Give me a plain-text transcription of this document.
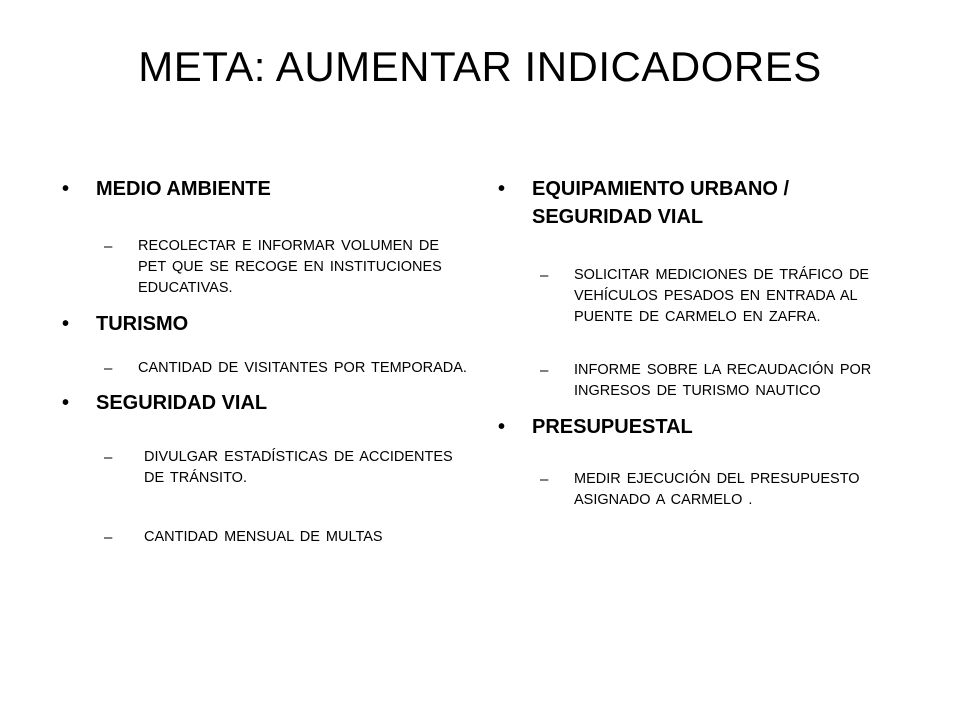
META: AUMENTAR INDICADORES
• MEDIO AMBIENTE
– RECOLECTAR E INFORMAR VOLUMEN DE PET QUE SE RECOGE EN INSTITUCIONES EDUCATIVAS.
• TURISMO
– CANTIDAD DE VISITANTES POR TEMPORADA.
• SEGURIDAD VIAL
– DIVULGAR ESTADÍSTICAS DE ACCIDENTES DE TRÁNSITO.
– CANTIDAD MENSUAL DE MULTAS
• EQUIPAMIENTO URBANO / SEGURIDAD VIAL
– SOLICITAR MEDICIONES DE TRÁFICO DE VEHÍCULOS PESADOS EN ENTRADA AL PUENTE DE CARMELO EN ZAFRA.
– INFORME SOBRE LA RECAUDACIÓN POR INGRESOS DE TURISMO NAUTICO
• PRESUPUESTAL
– MEDIR EJECUCIÓN DEL PRESUPUESTO ASIGNADO A CARMELO .
